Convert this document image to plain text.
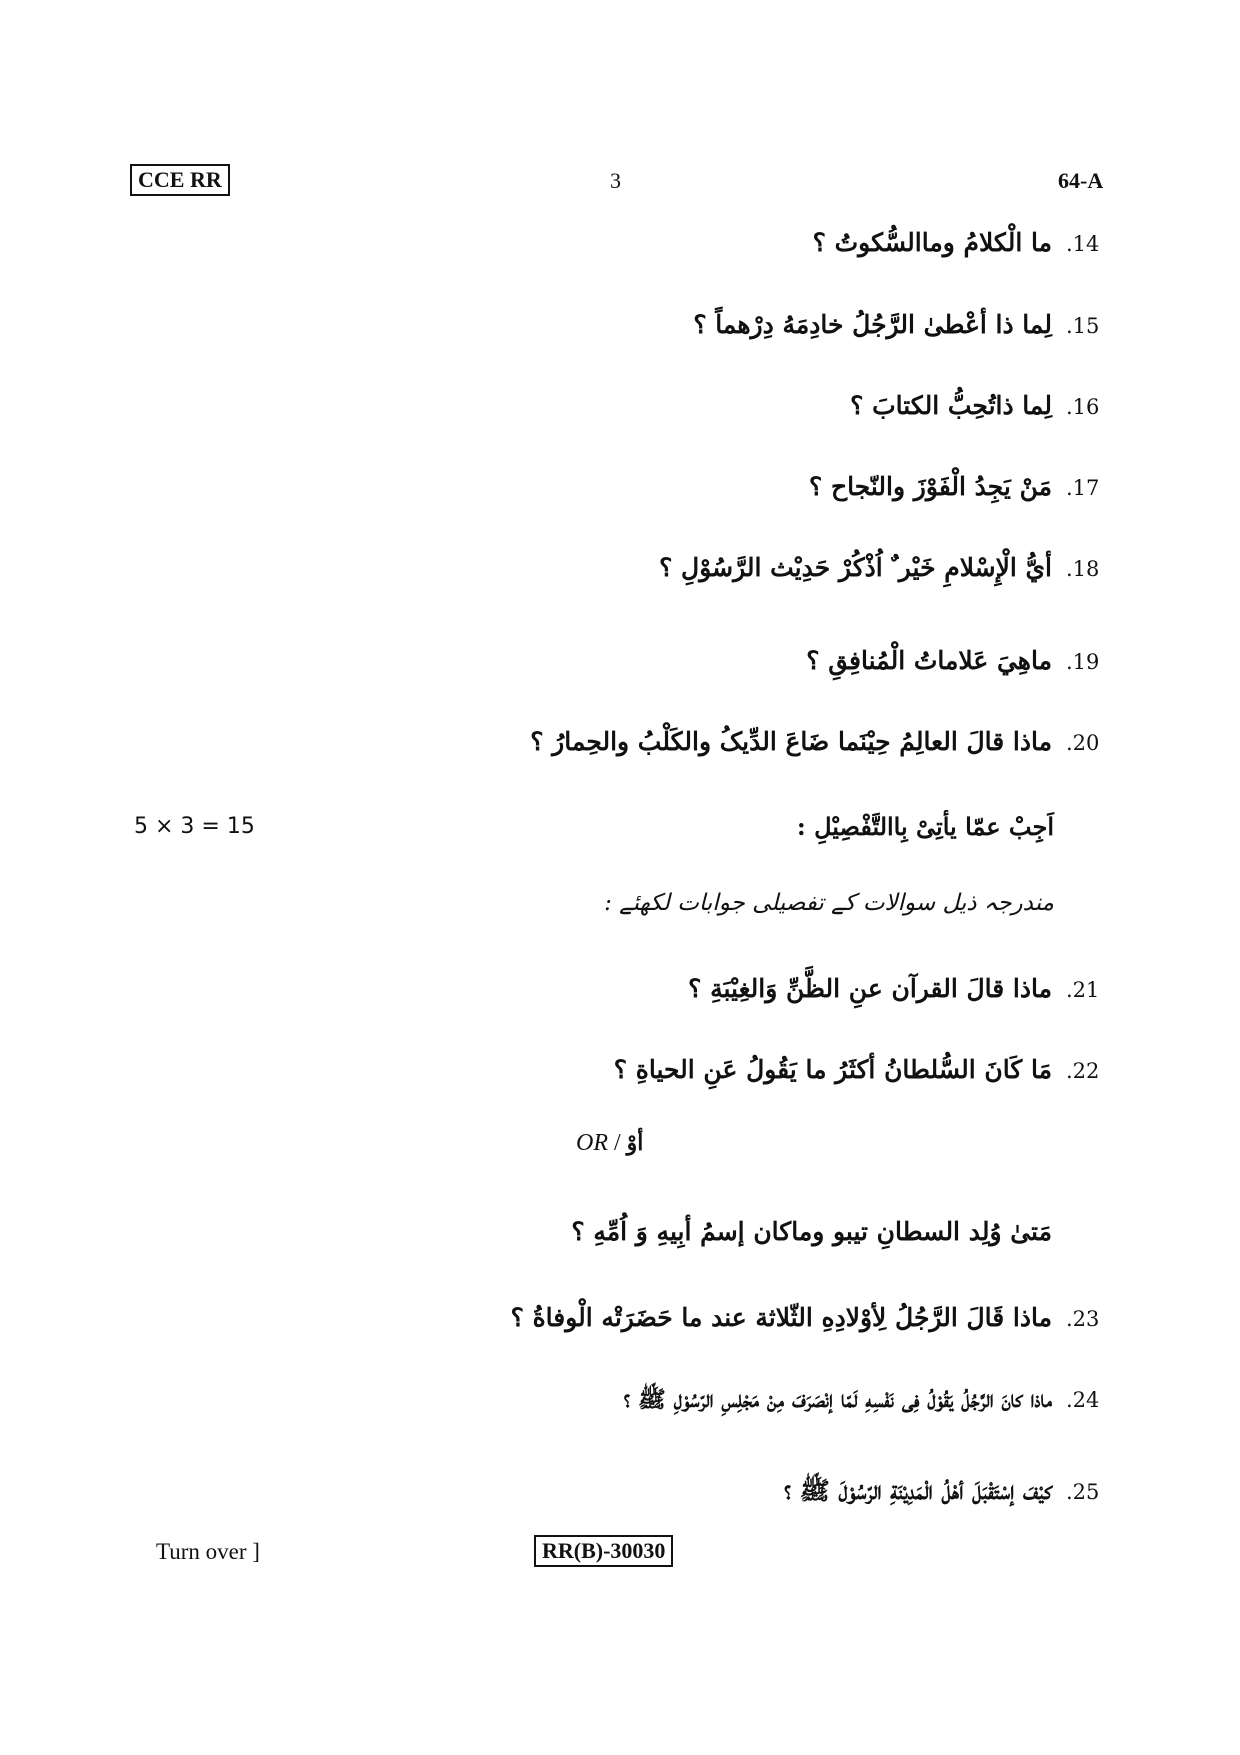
CCE RR	3	64-A
.14
ما الْكلامُ وماالسُّكوتُ ؟
.15
لِما ذا أعْطىٰ الرَّجُلُ خادِمَهُ دِرْهماً ؟
.16
لِما ذاتُحِبُّ الكتابَ ؟
.17
مَنْ يَجِدُ الْفَوْزَ والنّجاح ؟
.18
أيُّ الْإِسْلامِ خَيْر ٌ اُذْكُرْ حَدِيْث الرَّسُوْلِ ؟
.19
ماهِيَ عَلاماتُ الْمُنافِقِ ؟
.20
ماذا قالَ العالِمُ حِيْنَما ضَاعَ الدِّيکُ والكَلْبُ والحِمارُ ؟
5 × 3 = 15	اَجِبْ عمّا يأتِىْ بِاالتَّفْصِيْلِ :
مندرجہ ذیل سوالات کے تفصیلی جوابات لکھئے :
.21
ماذا قالَ القرآن عنِ الظَّنِّ وَالغِيْبَةِ ؟
.22
مَا كَانَ السُّلطانُ أكثَرُ ما يَقُولُ عَنِ الحياةِ ؟
OR / أوْ
مَتىٰ وُلِد السطانِ تيبو وماكان إسمُ أبِيهِ وَ اُمِّهِ ؟
.23
ماذا قَالَ الرَّجُلُ لِأوْلادِهِ الثّلاثة عند ما حَضَرَتْه الْوفاةُ ؟
.24
ماذا كانَ الرَّجُلُ يَقُوْلُ فِى نَفْسِهِ لَمّا إنْصَرَفَ مِنْ مَجْلِسِ الرّسُوْلِ ﷺ ؟
.25
كيْفَ إسْتَقْبَلَ أهْلُ الْمَدِيْنَةِ الرّسُوْلَ ﷺ ؟
Turn over ]	RR(B)-30030
